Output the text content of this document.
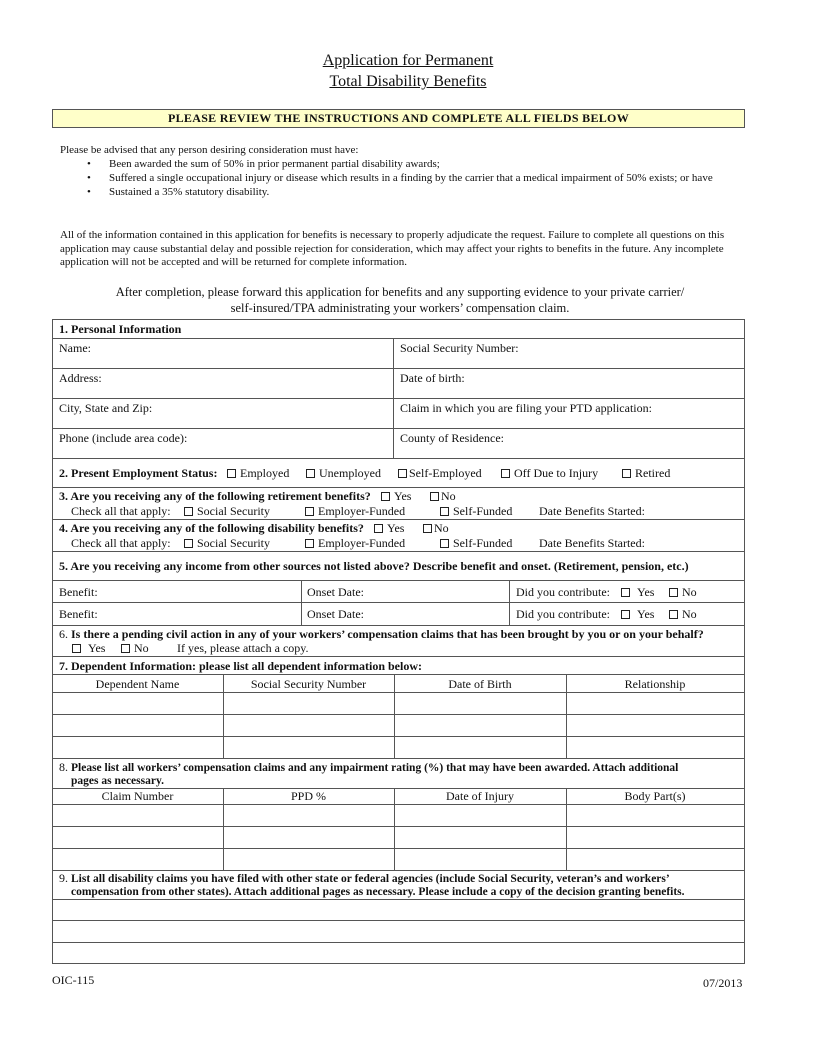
Application for Permanent
Total Disability Benefits
PLEASE REVIEW THE INSTRUCTIONS AND COMPLETE ALL FIELDS BELOW
Please be advised that any person desiring consideration must have:
• Been awarded the sum of 50% in prior permanent partial disability awards;
• Suffered a single occupational injury or disease which results in a finding by the carrier that a medical impairment of 50% exists; or have
• Sustained a 35% statutory disability.
All of the information contained in this application for benefits is necessary to properly adjudicate the request. Failure to complete all questions on this application may cause substantial delay and possible rejection for consideration, which may affect your rights to benefits in the future. Any incomplete application will not be accepted and will be returned for complete information.
After completion, please forward this application for benefits and any supporting evidence to your private carrier/
self-insured/TPA administrating your workers’ compensation claim.
1. Personal Information
Name:	Social Security Number:
Address:	Date of birth:
City, State and Zip:	Claim in which you are filing your PTD application:
Phone (include area code):	County of Residence:
2. Present Employment Status:	Employed	Unemployed	Self-Employed	Off Due to Injury	Retired
3. Are you receiving any of the following retirement benefits?	Yes	No
Check all that apply:	Social Security	Employer-Funded	Self-Funded Date Benefits Started:
4. Are you receiving any of the following disability benefits?	Yes	No
Check all that apply:	Social Security	Employer-Funded	Self-Funded Date Benefits Started:
5. Are you receiving any income from other sources not listed above? Describe benefit and onset. (Retirement, pension, etc.)
Benefit:	Onset Date:	Did you contribute:	Yes	No
Benefit:	Onset Date:	Did you contribute:	Yes	No
6. Is there a pending civil action in any of your workers’ compensation claims that has been brought by you or on your behalf?
Yes	No If yes, please attach a copy.
7. Dependent Information: please list all dependent information below:
Dependent Name	Social Security Number	Date of Birth	Relationship
8. Please list all workers’ compensation claims and any impairment rating (%) that may have been awarded. Attach additional
pages as necessary.
Claim Number	PPD %	Date of Injury	Body Part(s)
9. List all disability claims you have filed with other state or federal agencies (include Social Security, veteran’s and workers’
compensation from other states). Attach additional pages as necessary. Please include a copy of the decision granting benefits.
OIC-115	07/2013
